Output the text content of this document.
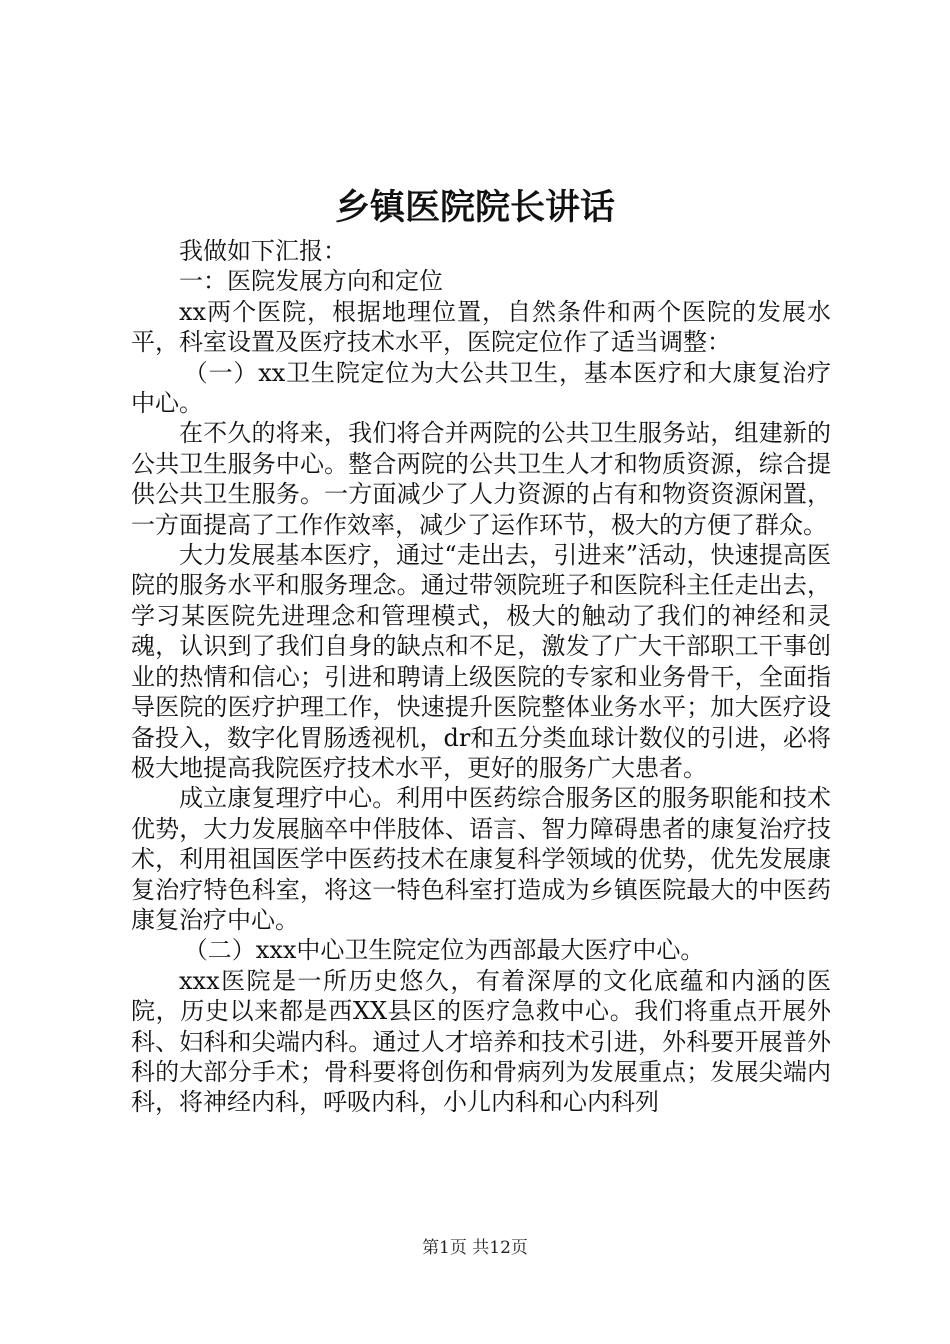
乡镇医院院长讲话

我做如下汇报：

一：医院发展方向和定位

xx两个医院，根据地理位置，自然条件和两个医院的发展水平，科室设置及医疗技术水平，医院定位作了适当调整：

（一）xx卫生院定位为大公共卫生，基本医疗和大康复治疗中心。

在不久的将来，我们将合并两院的公共卫生服务站，组建新的公共卫生服务中心。整合两院的公共卫生人才和物质资源，综合提供公共卫生服务。一方面减少了人力资源的占有和物资资源闲置，一方面提高了工作作效率，减少了运作环节，极大的方便了群众。

大力发展基本医疗，通过“走出去，引进来”活动，快速提高医院的服务水平和服务理念。通过带领院班子和医院科主任走出去，学习某医院先进理念和管理模式，极大的触动了我们的神经和灵魂，认识到了我们自身的缺点和不足，激发了广大干部职工干事创业的热情和信心；引进和聘请上级医院的专家和业务骨干，全面指导医院的医疗护理工作，快速提升医院整体业务水平；加大医疗设备投入，数字化胃肠透视机，dr和五分类血球计数仪的引进，必将极大地提高我院医疗技术水平，更好的服务广大患者。

成立康复理疗中心。利用中医药综合服务区的服务职能和技术优势，大力发展脑卒中伴肢体、语言、智力障碍患者的康复治疗技术，利用祖国医学中医药技术在康复科学领域的优势，优先发展康复治疗特色科室，将这一特色科室打造成为乡镇医院最大的中医药康复治疗中心。

（二）xxx中心卫生院定位为西部最大医疗中心。

xxx医院是一所历史悠久，有着深厚的文化底蕴和内涵的医院，历史以来都是西XX县区的医疗急救中心。我们将重点开展外科、妇科和尖端内科。通过人才培养和技术引进，外科要开展普外科的大部分手术；骨科要将创伤和骨病列为发展重点；发展尖端内科，将神经内科，呼吸内科，小儿内科和心内科列

第1页 共12页
